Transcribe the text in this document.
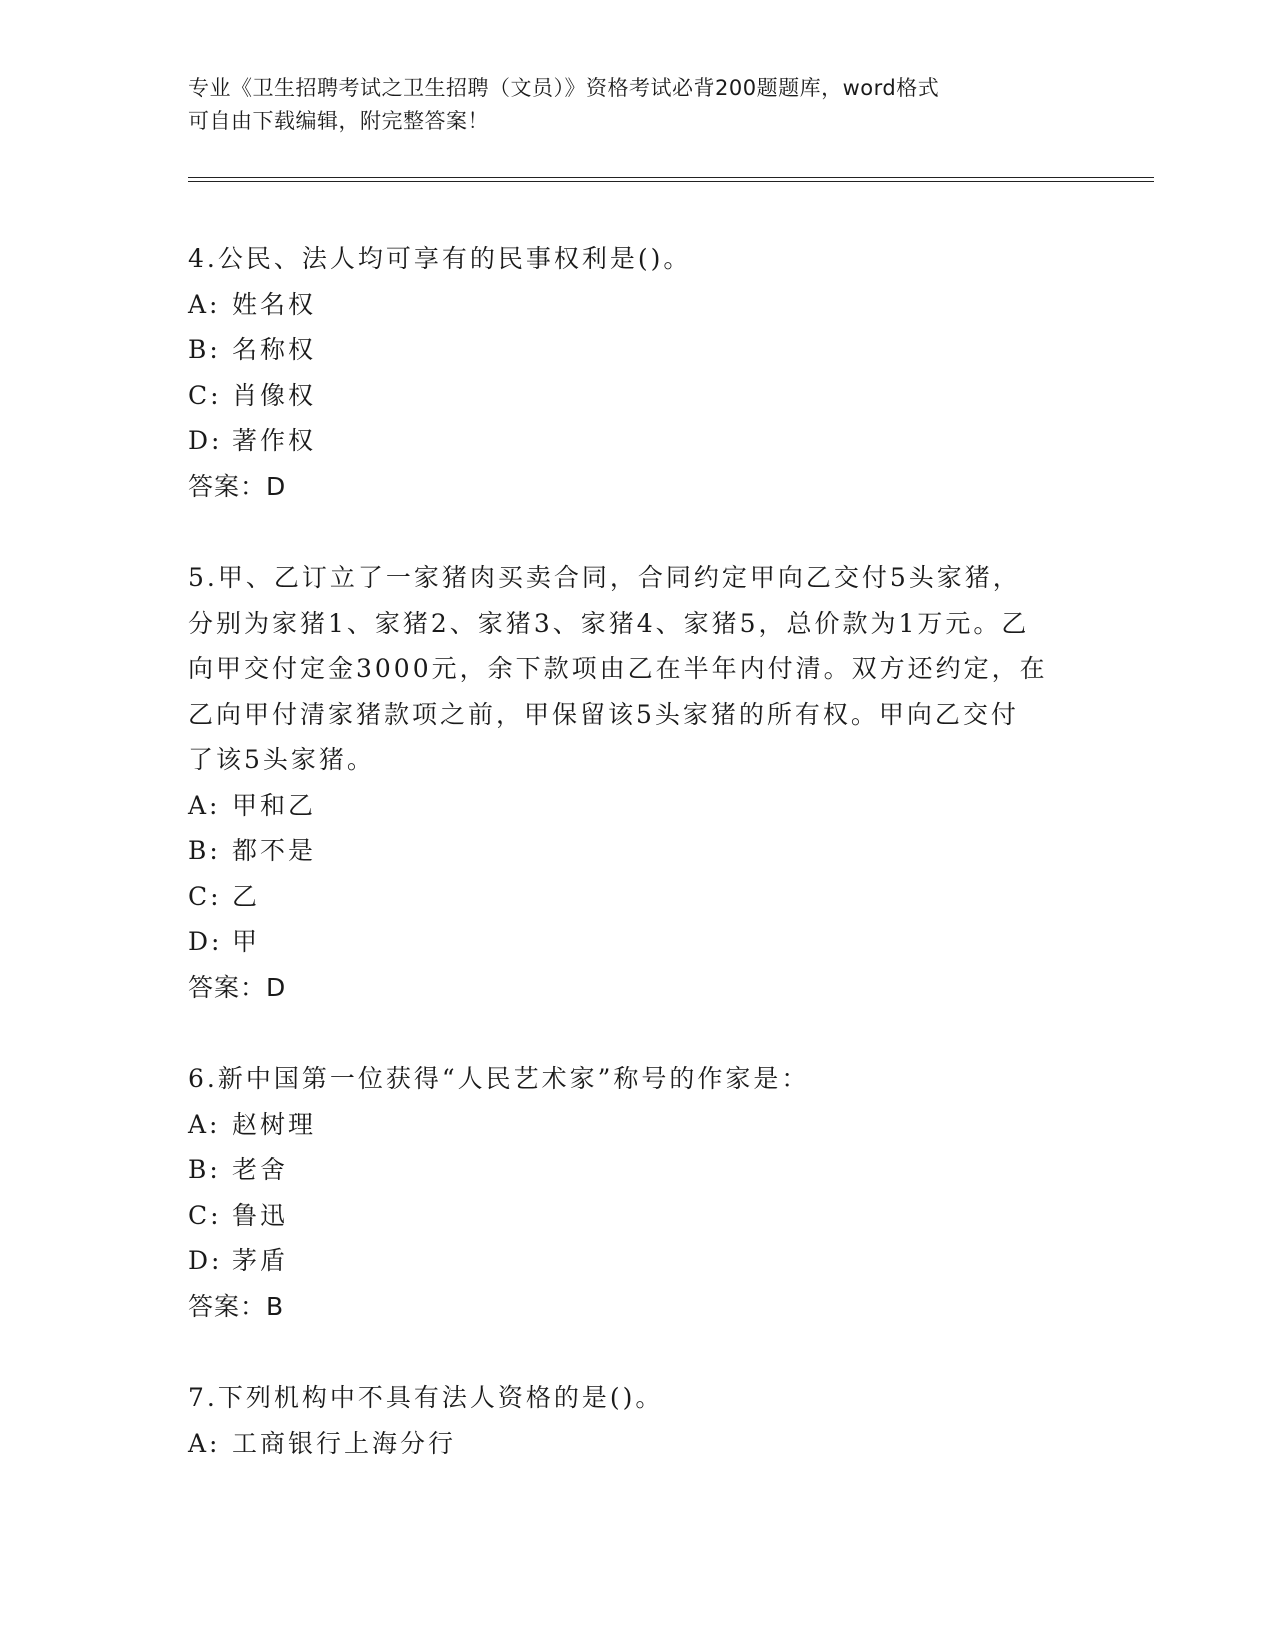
专业《卫生招聘考试之卫生招聘（文员）》资格考试必背200题题库，word格式
可自由下载编辑，附完整答案！
4.公民、法人均可享有的民事权利是()。
A: 姓名权
B: 名称权
C: 肖像权
D: 著作权
答案：D
5.甲、乙订立了一家猪肉买卖合同，合同约定甲向乙交付5头家猪，
分别为家猪1、家猪2、家猪3、家猪4、家猪5，总价款为1万元。乙
向甲交付定金3000元，余下款项由乙在半年内付清。双方还约定，在
乙向甲付清家猪款项之前，甲保留该5头家猪的所有权。甲向乙交付
了该5头家猪。
A: 甲和乙
B: 都不是
C: 乙
D: 甲
答案：D
6.新中国第一位获得“人民艺术家”称号的作家是：
A: 赵树理
B: 老舍
C: 鲁迅
D: 茅盾
答案：B
7.下列机构中不具有法人资格的是()。
A: 工商银行上海分行
